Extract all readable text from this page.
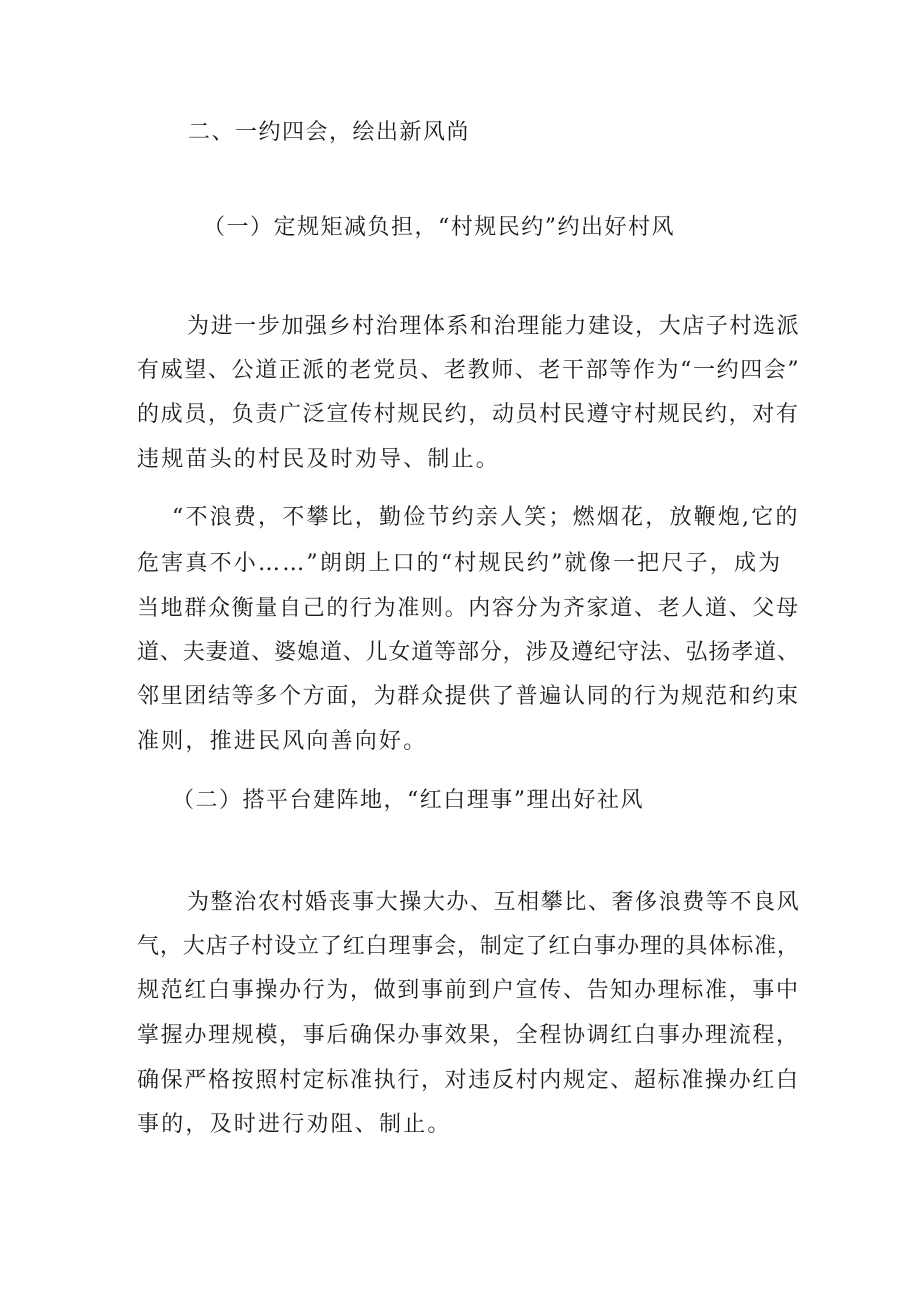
二、一约四会，绘出新风尚
（一）定规矩减负担，“村规民约”约出好村风
为进一步加强乡村治理体系和治理能力建设，大店子村选派
有威望、公道正派的老党员、老教师、老干部等作为“一约四会”
的成员，负责广泛宣传村规民约，动员村民遵守村规民约，对有
违规苗头的村民及时劝导、制止。
“不浪费，不攀比，勤俭节约亲人笑；燃烟花，放鞭炮,它的
危害真不小……”朗朗上口的“村规民约”就像一把尺子，成为
当地群众衡量自己的行为准则。内容分为齐家道、老人道、父母
道、夫妻道、婆媳道、儿女道等部分，涉及遵纪守法、弘扬孝道、
邻里团结等多个方面，为群众提供了普遍认同的行为规范和约束
准则，推进民风向善向好。
（二）搭平台建阵地，“红白理事”理出好社风
为整治农村婚丧事大操大办、互相攀比、奢侈浪费等不良风
气，大店子村设立了红白理事会，制定了红白事办理的具体标准，
规范红白事操办行为，做到事前到户宣传、告知办理标准，事中
掌握办理规模，事后确保办事效果，全程协调红白事办理流程，
确保严格按照村定标准执行，对违反村内规定、超标准操办红白
事的，及时进行劝阻、制止。
